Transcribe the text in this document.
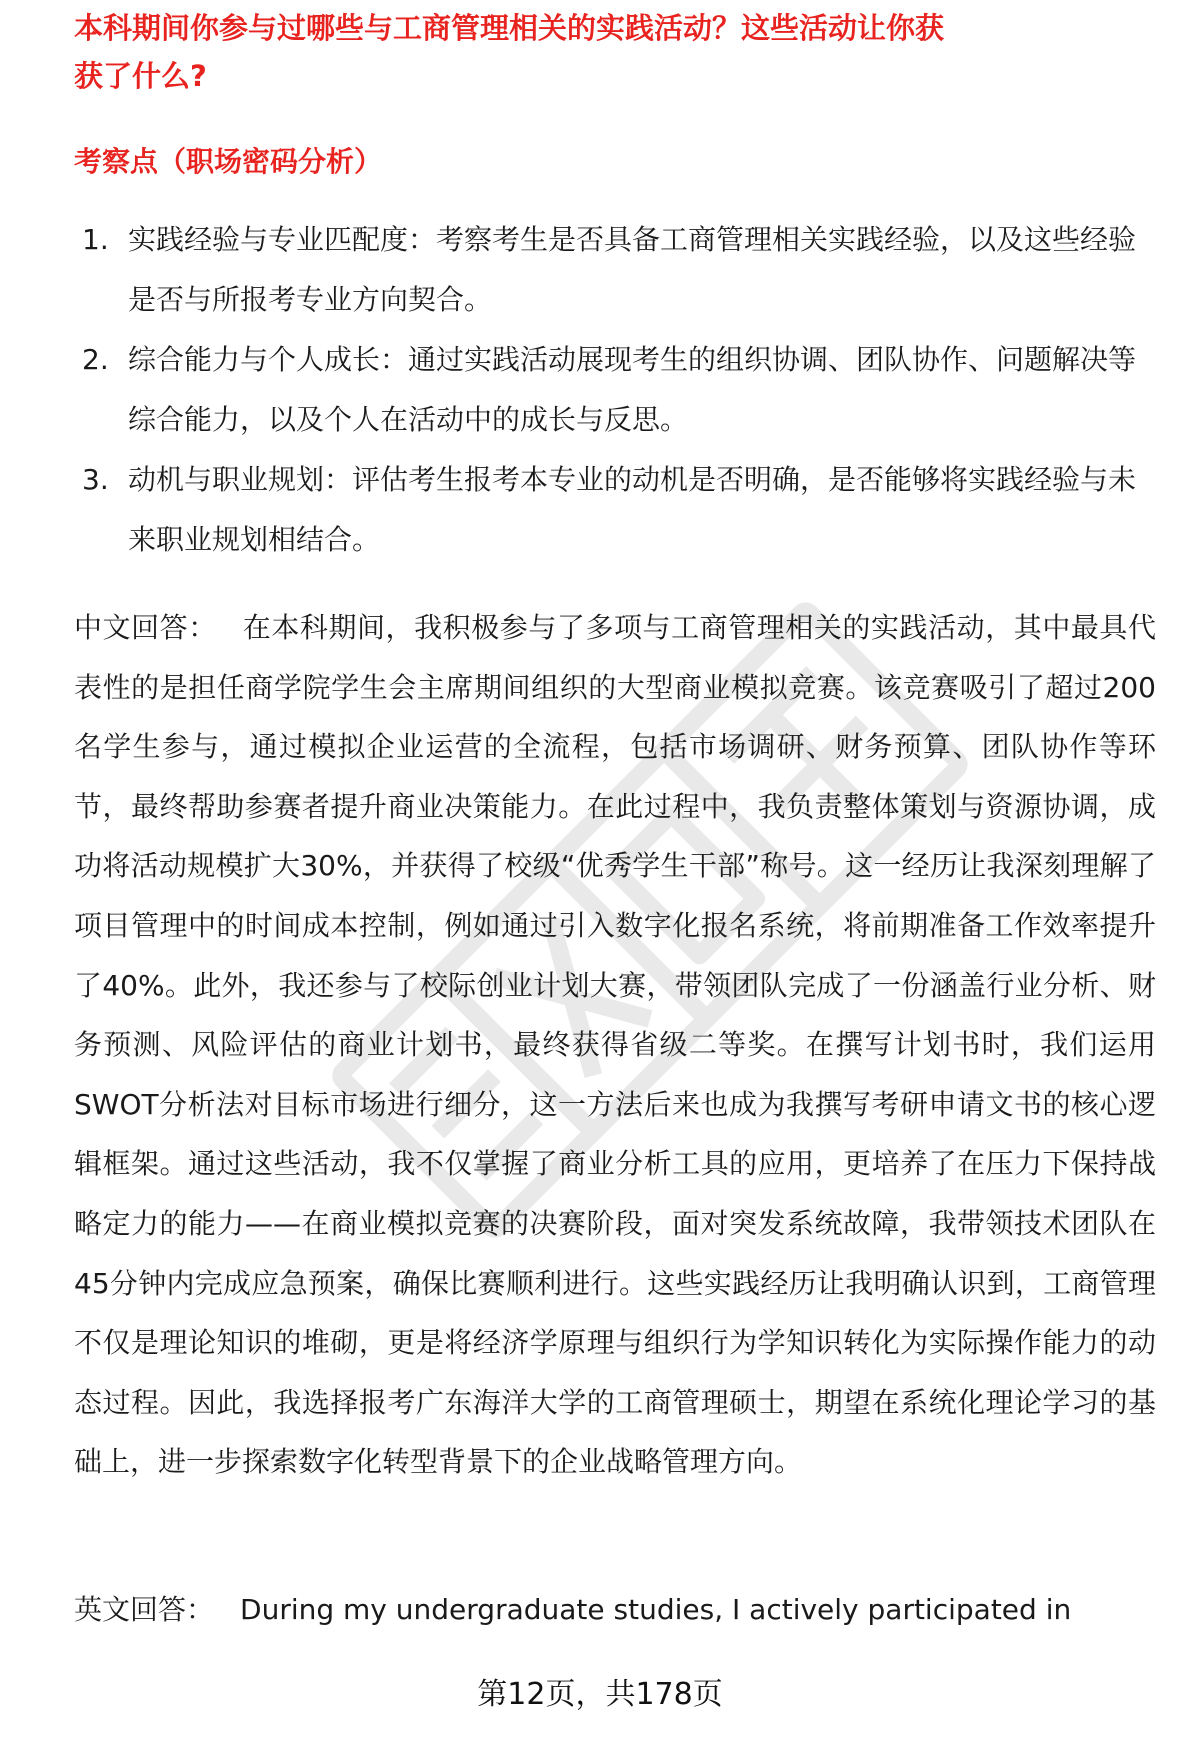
本科期间你参与过哪些与工商管理相关的实践活动？这些活动让你获
获了什么?
考察点（职场密码分析）
1. 实践经验与专业匹配度：考察考生是否具备工商管理相关实践经验，以及这些经验是否与所报考专业方向契合。
2. 综合能力与个人成长：通过实践活动展现考生的组织协调、团队协作、问题解决等综合能力，以及个人在活动中的成长与反思。
3. 动机与职业规划：评估考生报考本专业的动机是否明确，是否能够将实践经验与未来职业规划相结合。

中文回答： 在本科期间，我积极参与了多项与工商管理相关的实践活动，其中最具代表性的是担任商学院学生会主席期间组织的大型商业模拟竞赛。该竞赛吸引了超过200名学生参与，通过模拟企业运营的全流程，包括市场调研、财务预算、团队协作等环节，最终帮助参赛者提升商业决策能力。在此过程中，我负责整体策划与资源协调，成功将活动规模扩大30%，并获得了校级“优秀学生干部”称号。这一经历让我深刻理解了项目管理中的时间成本控制，例如通过引入数字化报名系统，将前期准备工作效率提升了40%。此外，我还参与了校际创业计划大赛，带领团队完成了一份涵盖行业分析、财务预测、风险评估的商业计划书，最终获得省级二等奖。在撰写计划书时，我们运用SWOT分析法对目标市场进行细分，这一方法后来也成为我撰写考研申请文书的核心逻辑框架。通过这些活动，我不仅掌握了商业分析工具的应用，更培养了在压力下保持战略定力的能力——在商业模拟竞赛的决赛阶段，面对突发系统故障，我带领技术团队在45分钟内完成应急预案，确保比赛顺利进行。这些实践经历让我明确认识到，工商管理不仅是理论知识的堆砌，更是将经济学原理与组织行为学知识转化为实际操作能力的动态过程。因此，我选择报考广东海洋大学的工商管理硕士，期望在系统化理论学习的基础上，进一步探索数字化转型背景下的企业战略管理方向。

英文回答： During my undergraduate studies, I actively participated in

第12页，共178页
